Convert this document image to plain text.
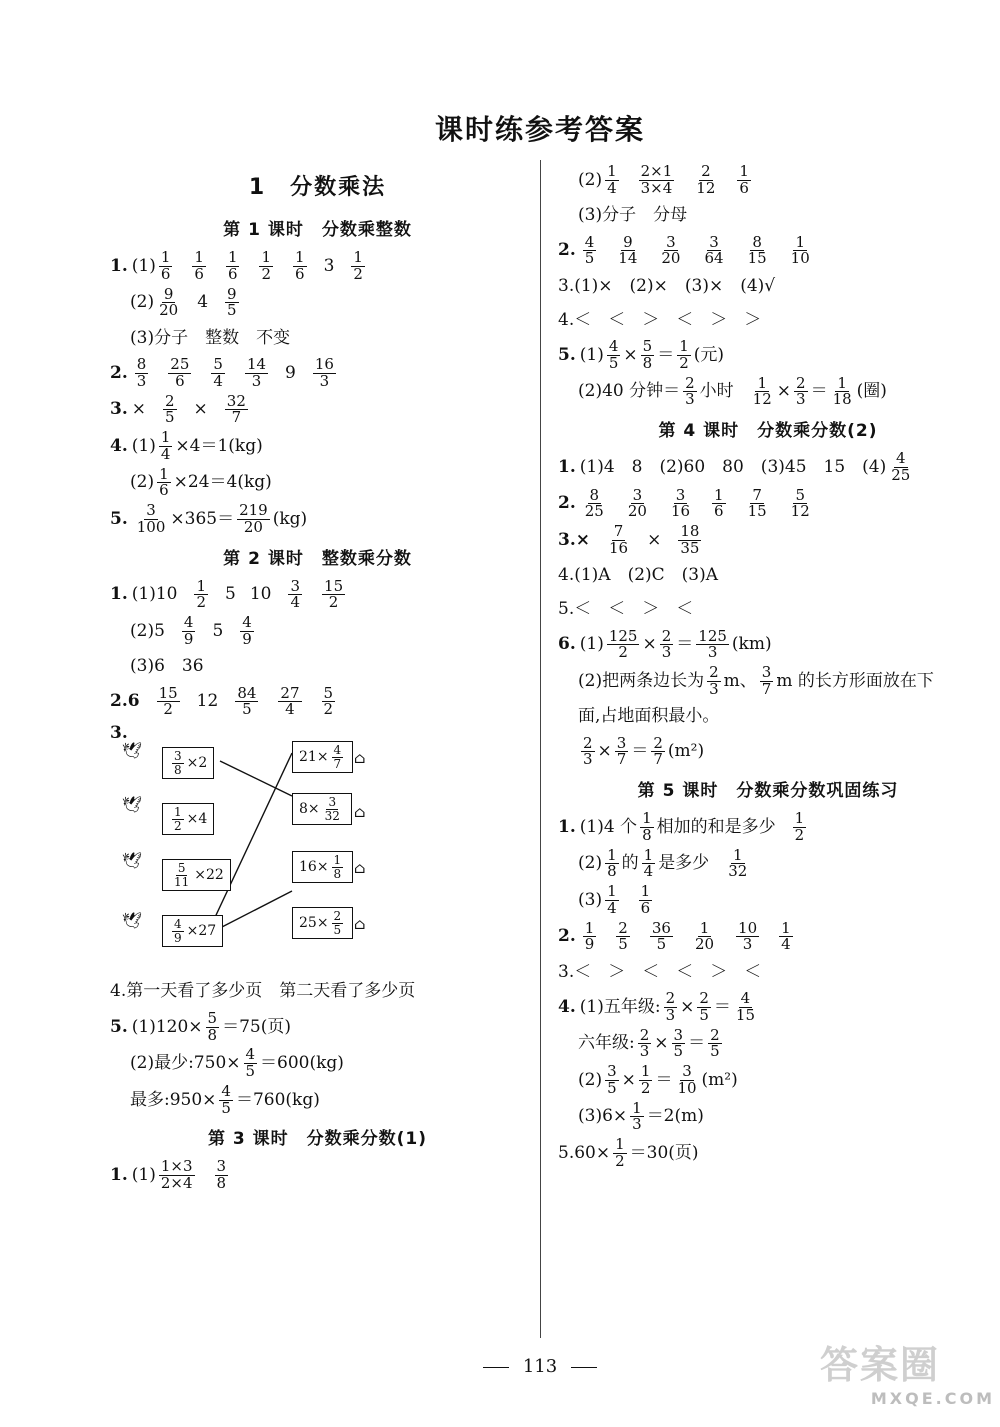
课时练参考答案
1　分数乘法
第 1 课时　分数乘整数
1. $(1) \frac{1}{6} \frac{1}{6} \frac{1}{6} \frac{1}{2} \frac{1}{6} 3 \frac{1}{2}$
$(2) \frac{9}{20} 4 \frac{9}{5}$
(3)分子　整数　不变
2. $\frac{8}{3} \frac{25}{6} \frac{5}{4} \frac{14}{3} 9 \frac{16}{3}$
3. × $\frac{2}{5} \times \frac{32}{7}$
4. $(1) \frac{1}{4} \times 4=1(kg)$
$(2) \frac{1}{6} \times 24=4(kg)$
5. $\frac{3}{100} \times 365= \frac{219}{20} (kg)$
第 2 课时　整数乘分数
1. $(1)10 \frac{1}{2} 5$ $10 \frac{3}{4} \frac{15}{2}$
$(2)5 \frac{4}{9} 5 \frac{4}{9}$
(3)6　36
$2.6 \frac{15}{2} 12 \frac{84}{5} \frac{27}{4} \frac{5}{2}$
3.
🕊
🕊
🕊
🕊
$\frac{3}{8} \times 2$
$\frac{1}{2} \times 4$
$\frac{5}{11} \times 22$
$\frac{4}{9} \times 27$
$21\times \frac{4}{7}$
$8\times \frac{3}{32}$
$16\times \frac{1}{8}$
$25\times \frac{2}{5}$
⌂
⌂
⌂
⌂
4.第一天看了多少页　第二天看了多少页
5. $(1)120\times \frac{5}{8} =75$(页)
(2)最少:750× $\frac{4}{5} =600(kg)$
最多:950× $\frac{4}{5} =760(kg)$
第 3 课时　分数乘分数(1)
1. $(1) \frac{1\times 3}{2\times 4} \frac{3}{8}$
$(2) \frac{1}{4} \frac{2\times 1}{3\times 4} \frac{2}{12} \frac{1}{6}$
(3)分子　分母
2. $\frac{4}{5} \frac{9}{14} \frac{3}{20} \frac{3}{64} \frac{8}{15} \frac{1}{10}$
3.(1)×　(2)×　(3)×　(4)√
4.＜　＜　＞　＜　＞　＞
5. $(1) \frac{4}{5} \times \frac{5}{8} = \frac{1}{2}$ (元)
(2)40 分钟＝ $\frac{2}{3}$ 小时 $\frac{1}{12} \times \frac{2}{3} = \frac{1}{18}$ (圈)
第 4 课时　分数乘分数(2)
1. (1)4　8　(2)60　80　(3)45　15　$(4) \frac{4}{25}$
2. $\frac{8}{25} \frac{3}{20} \frac{3}{16} \frac{1}{6} \frac{7}{15} \frac{5}{12}$
$3.\times \frac{7}{16} \times \frac{18}{35}$
4.(1)A　(2)C　(3)A
5.＜　＜　＞　＜
6. $(1) \frac{125}{2} \times \frac{2}{3} = \frac{125}{3} (km)$
(2)把两条边长为 $\frac{2}{3}$ m、 $\frac{3}{7}$ m 的长方形面放在下
面,占地面积最小。
$\frac{2}{3} \times \frac{3}{7} = \frac{2}{7} (m^2)$
第 5 课时　分数乘分数巩固练习
1. (1)4 个 $\frac{1}{8}$ 相加的和是多少 $\frac{1}{2}$
$(2) \frac{1}{8}$ 的 $\frac{1}{4}$ 是多少 $\frac{1}{32}$
$(3) \frac{1}{4} \frac{1}{6}$
2. $\frac{1}{9} \frac{2}{5} \frac{36}{5} \frac{1}{20} \frac{10}{3} \frac{1}{4}$
3.＜　＞　＜　＜　＞　＜
4. (1)五年级: $\frac{2}{3} \times \frac{2}{5} = \frac{4}{15}$
六年级: $\frac{2}{3} \times \frac{3}{5} = \frac{2}{5}$
$(2) \frac{3}{5} \times \frac{1}{2} = \frac{3}{10} (m^2)$
$(3)6\times \frac{1}{3} =2(m)$
$5.60\times \frac{1}{2} =30$(页)
113	答案圈
MXQE.COM
